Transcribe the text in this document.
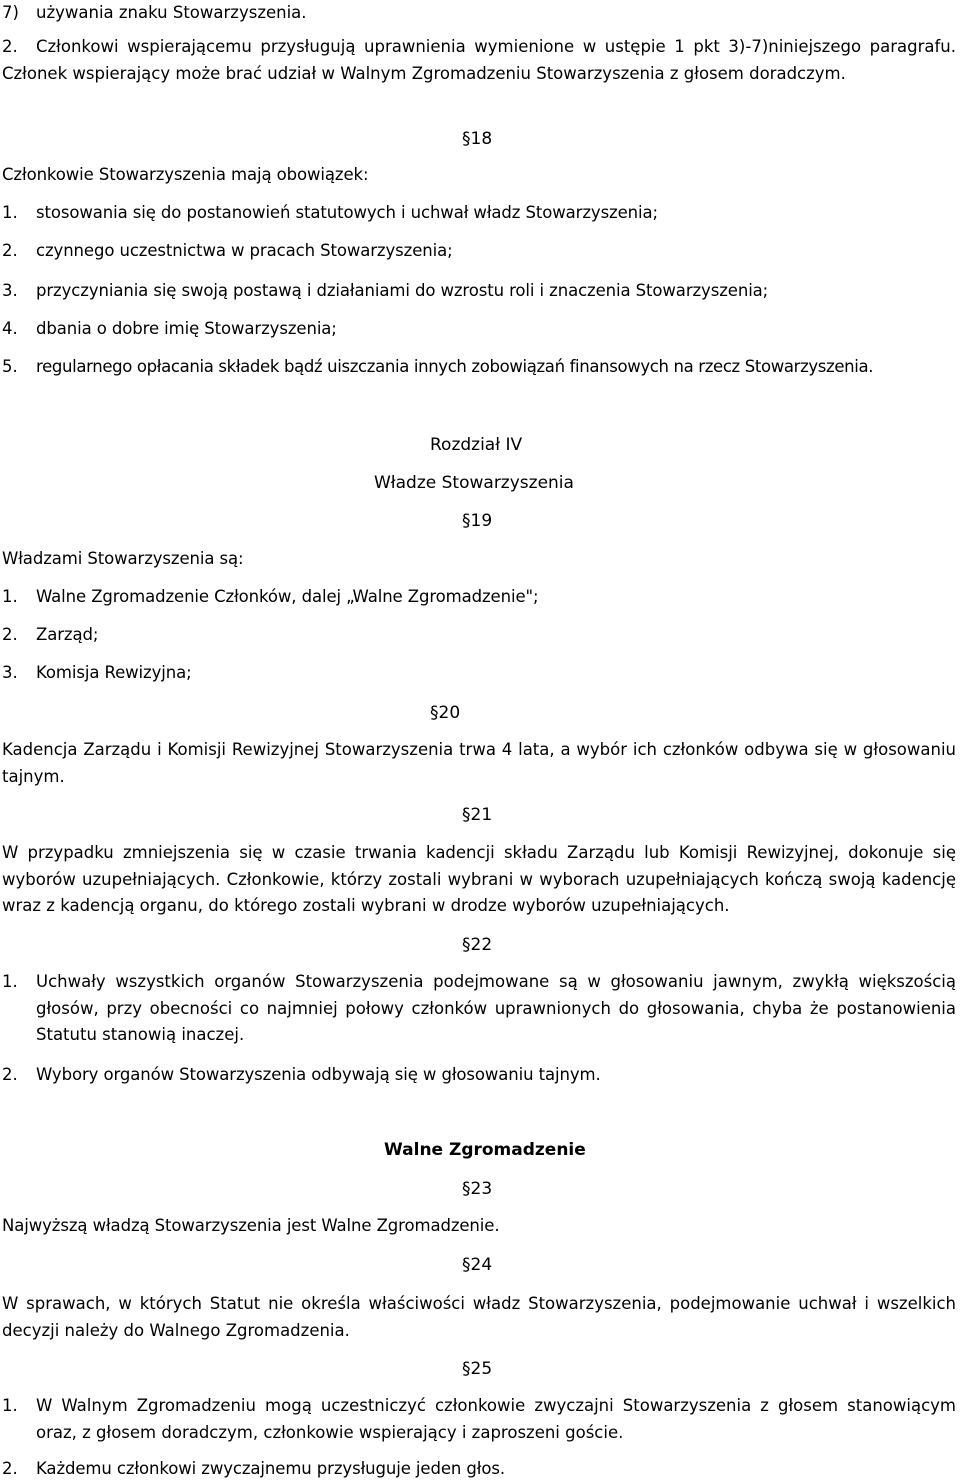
7) używania znaku Stowarzyszenia.
2.	Członkowi wspierającemu przysługują uprawnienia wymienione w ustępie 1 pkt 3)-7)niniejszego paragrafu. Członek wspierający może brać udział w Walnym Zgromadzeniu Stowarzyszenia z głosem doradczym.
§18
Członkowie Stowarzyszenia mają obowiązek:
1. stosowania się do postanowień statutowych i uchwał władz Stowarzyszenia;
2. czynnego uczestnictwa w pracach Stowarzyszenia;
3. przyczyniania się swoją postawą i działaniami do wzrostu roli i znaczenia Stowarzyszenia;
4. dbania o dobre imię Stowarzyszenia;
5. regularnego opłacania składek bądź uiszczania innych zobowiązań finansowych na rzecz Stowarzyszenia.
Rozdział IV
Władze Stowarzyszenia
§19
Władzami Stowarzyszenia są:
1. Walne Zgromadzenie Członków, dalej „Walne Zgromadzenie";
2. Zarząd;
3. Komisja Rewizyjna;
§20
Kadencja Zarządu i Komisji Rewizyjnej Stowarzyszenia trwa 4 lata, a wybór ich członków odbywa się w głosowaniu tajnym.
§21
W przypadku zmniejszenia się w czasie trwania kadencji składu Zarządu lub Komisji Rewizyjnej, dokonuje się wyborów uzupełniających. Członkowie, którzy zostali wybrani w wyborach uzupełniających kończą swoją kadencję wraz z kadencją organu, do którego zostali wybrani w drodze wyborów uzupełniających.
§22
1. Uchwały wszystkich organów Stowarzyszenia podejmowane są w głosowaniu jawnym, zwykłą większością głosów, przy obecności co najmniej połowy członków uprawnionych do głosowania, chyba że postanowienia Statutu stanowią inaczej.
2. Wybory organów Stowarzyszenia odbywają się w głosowaniu tajnym.
Walne Zgromadzenie
§23
Najwyższą władzą Stowarzyszenia jest Walne Zgromadzenie.
§24
W sprawach, w których Statut nie określa właściwości władz Stowarzyszenia, podejmowanie uchwał i wszelkich decyzji należy do Walnego Zgromadzenia.
§25
1. W Walnym Zgromadzeniu mogą uczestniczyć członkowie zwyczajni Stowarzyszenia z głosem stanowiącym oraz, z głosem doradczym, członkowie wspierający i zaproszeni goście.
2. Każdemu członkowi zwyczajnemu przysługuje jeden głos.
